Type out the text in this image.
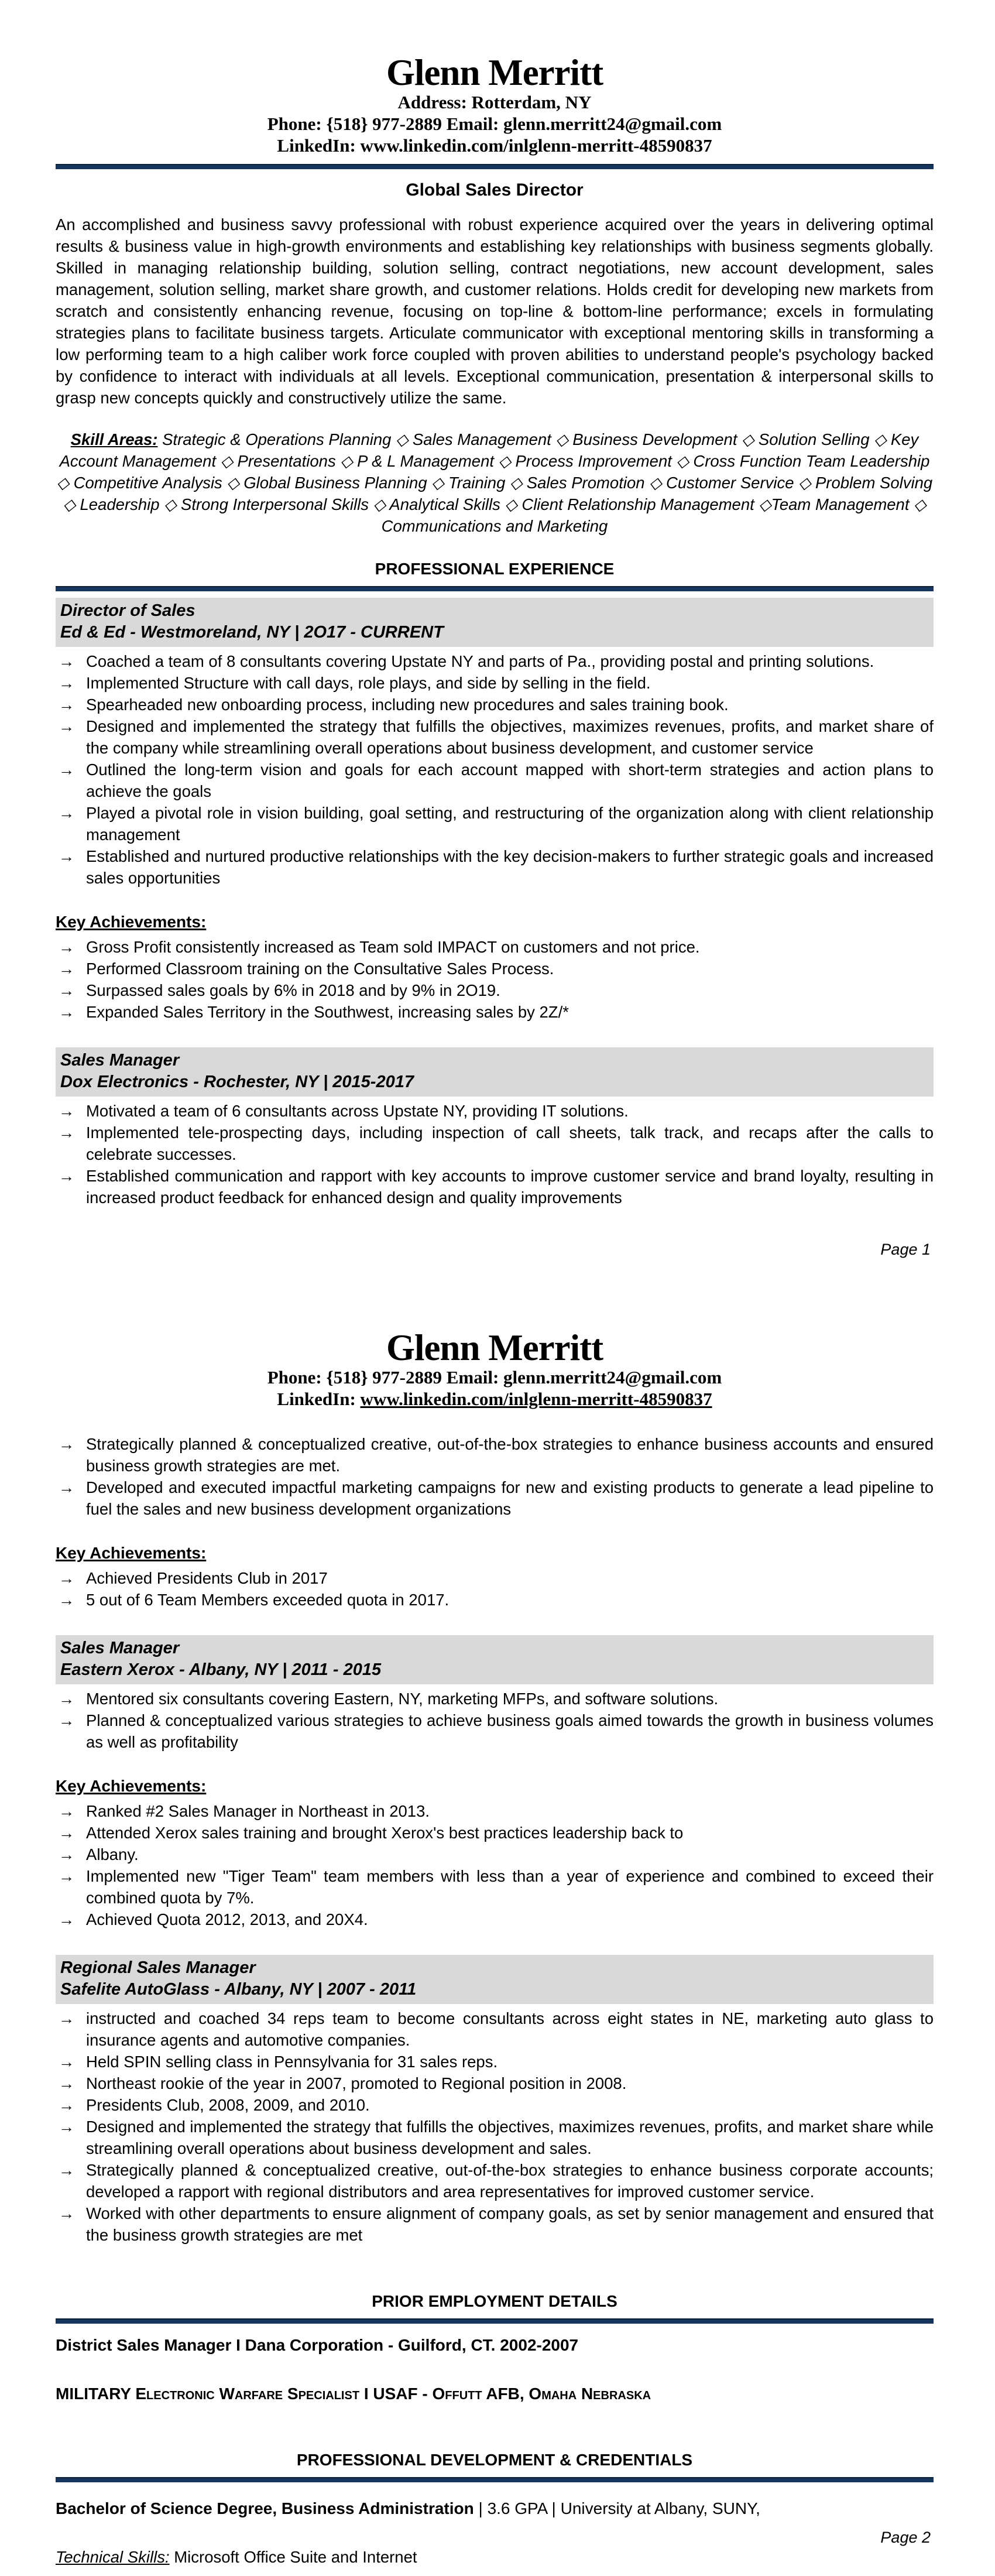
Glenn Merritt
Address: Rotterdam, NY
Phone: {518} 977-2889 Email: glenn.merritt24@gmail.com
LinkedIn: www.linkedin.com/inlglenn-merritt-48590837
Global Sales Director
An accomplished and business savvy professional with robust experience acquired over the years in delivering optimal results & business value in high-growth environments and establishing key relationships with business segments globally. Skilled in managing relationship building, solution selling, contract negotiations, new account development, sales management, solution selling, market share growth, and customer relations. Holds credit for developing new markets from scratch and consistently enhancing revenue, focusing on top-line & bottom-line performance; excels in formulating strategies plans to facilitate business targets. Articulate communicator with exceptional mentoring skills in transforming a low performing team to a high caliber work force coupled with proven abilities to understand people's psychology backed by confidence to interact with individuals at all levels. Exceptional communication, presentation & interpersonal skills to grasp new concepts quickly and constructively utilize the same.
Skill Areas: Strategic & Operations Planning ◇ Sales Management ◇ Business Development ◇ Solution Selling ◇ Key Account Management ◇ Presentations ◇ P & L Management ◇ Process Improvement ◇ Cross Function Team Leadership ◇ Competitive Analysis ◇ Global Business Planning ◇ Training ◇ Sales Promotion ◇ Customer Service ◇ Problem Solving ◇ Leadership ◇ Strong Interpersonal Skills ◇ Analytical Skills ◇ Client Relationship Management ◇Team Management ◇ Communications and Marketing
PROFESSIONAL EXPERIENCE
Director of Sales
Ed & Ed - Westmoreland, NY | 2O17 - CURRENT
→ Coached a team of 8 consultants covering Upstate NY and parts of Pa., providing postal and printing solutions.
→ Implemented Structure with call days, role plays, and side by selling in the field.
→ Spearheaded new onboarding process, including new procedures and sales training book.
→ Designed and implemented the strategy that fulfills the objectives, maximizes revenues, profits, and market share of the company while streamlining overall operations about business development, and customer service
→ Outlined the long-term vision and goals for each account mapped with short-term strategies and action plans to achieve the goals
→ Played a pivotal role in vision building, goal setting, and restructuring of the organization along with client relationship management
→ Established and nurtured productive relationships with the key decision-makers to further strategic goals and increased sales opportunities
Key Achievements:
→ Gross Profit consistently increased as Team sold IMPACT on customers and not price.
→ Performed Classroom training on the Consultative Sales Process.
→ Surpassed sales goals by 6% in 2018 and by 9% in 2O19.
→ Expanded Sales Territory in the Southwest, increasing sales by 2Z/*
Sales Manager
Dox Electronics - Rochester, NY | 2015-2017
→ Motivated a team of 6 consultants across Upstate NY, providing IT solutions.
→ Implemented tele-prospecting days, including inspection of call sheets, talk track, and recaps after the calls to celebrate successes.
→ Established communication and rapport with key accounts to improve customer service and brand loyalty, resulting in increased product feedback for enhanced design and quality improvements
Page 1
Glenn Merritt
Phone: {518} 977-2889 Email: glenn.merritt24@gmail.com
LinkedIn: www.linkedin.com/inlglenn-merritt-48590837
→ Strategically planned & conceptualized creative, out-of-the-box strategies to enhance business accounts and ensured business growth strategies are met.
→ Developed and executed impactful marketing campaigns for new and existing products to generate a lead pipeline to fuel the sales and new business development organizations
Key Achievements:
→ Achieved Presidents Club in 2017
→ 5 out of 6 Team Members exceeded quota in 2017.
Sales Manager
Eastern Xerox - Albany, NY | 2011 - 2015
→ Mentored six consultants covering Eastern, NY, marketing MFPs, and software solutions.
→ Planned & conceptualized various strategies to achieve business goals aimed towards the growth in business volumes as well as profitability
Key Achievements:
→ Ranked #2 Sales Manager in Northeast in 2013.
→ Attended Xerox sales training and brought Xerox's best practices leadership back to
→ Albany.
→ Implemented new "Tiger Team" team members with less than a year of experience and combined to exceed their combined quota by 7%.
→ Achieved Quota 2012, 2013, and 20X4.
Regional Sales Manager
Safelite AutoGlass - Albany, NY | 2007 - 2011
→ instructed and coached 34 reps team to become consultants across eight states in NE, marketing auto glass to insurance agents and automotive companies.
→ Held SPIN selling class in Pennsylvania for 31 sales reps.
→ Northeast rookie of the year in 2007, promoted to Regional position in 2008.
→ Presidents Club, 2008, 2009, and 2010.
→ Designed and implemented the strategy that fulfills the objectives, maximizes revenues, profits, and market share while streamlining overall operations about business development and sales.
→ Strategically planned & conceptualized creative, out-of-the-box strategies to enhance business corporate accounts; developed a rapport with regional distributors and area representatives for improved customer service.
→ Worked with other departments to ensure alignment of company goals, as set by senior management and ensured that the business growth strategies are met
PRIOR EMPLOYMENT DETAILS
District Sales Manager I Dana Corporation - Guilford, CT. 2002-2007
MILITARY Electronic Warfare Specialist I USAF - Offutt AFB, Omaha Nebraska
PROFESSIONAL DEVELOPMENT & CREDENTIALS
Bachelor of Science Degree, Business Administration | 3.6 GPA | University at Albany, SUNY,
Technical Skills: Microsoft Office Suite and Internet
Page 2
